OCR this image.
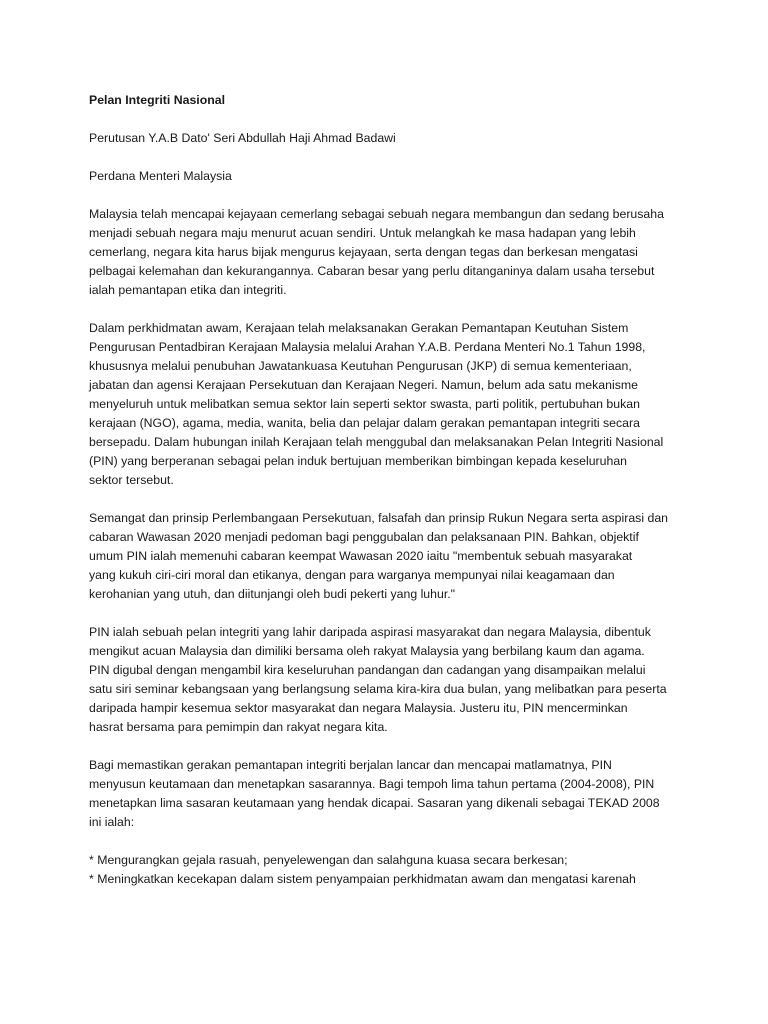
Pelan Integriti Nasional

Perutusan Y.A.B Dato' Seri Abdullah Haji Ahmad Badawi

Perdana Menteri Malaysia

Malaysia telah mencapai kejayaan cemerlang sebagai sebuah negara membangun dan sedang berusaha
menjadi sebuah negara maju menurut acuan sendiri. Untuk melangkah ke masa hadapan yang lebih
cemerlang, negara kita harus bijak mengurus kejayaan, serta dengan tegas dan berkesan mengatasi
pelbagai kelemahan dan kekurangannya. Cabaran besar yang perlu ditanganinya dalam usaha tersebut
ialah pemantapan etika dan integriti.

Dalam perkhidmatan awam, Kerajaan telah melaksanakan Gerakan Pemantapan Keutuhan Sistem
Pengurusan Pentadbiran Kerajaan Malaysia melalui Arahan Y.A.B. Perdana Menteri No.1 Tahun 1998,
khususnya melalui penubuhan Jawatankuasa Keutuhan Pengurusan (JKP) di semua kementeriaan,
jabatan dan agensi Kerajaan Persekutuan dan Kerajaan Negeri. Namun, belum ada satu mekanisme
menyeluruh untuk melibatkan semua sektor lain seperti sektor swasta, parti politik, pertubuhan bukan
kerajaan (NGO), agama, media, wanita, belia dan pelajar dalam gerakan pemantapan integriti secara
bersepadu. Dalam hubungan inilah Kerajaan telah menggubal dan melaksanakan Pelan Integriti Nasional
(PIN) yang berperanan sebagai pelan induk bertujuan memberikan bimbingan kepada keseluruhan
sektor tersebut.

Semangat dan prinsip Perlembangaan Persekutuan, falsafah dan prinsip Rukun Negara serta aspirasi dan
cabaran Wawasan 2020 menjadi pedoman bagi penggubalan dan pelaksanaan PIN. Bahkan, objektif
umum PIN ialah memenuhi cabaran keempat Wawasan 2020 iaitu "membentuk sebuah masyarakat
yang kukuh ciri-ciri moral dan etikanya, dengan para warganya mempunyai nilai keagamaan dan
kerohanian yang utuh, dan diitunjangi oleh budi pekerti yang luhur."

PIN ialah sebuah pelan integriti yang lahir daripada aspirasi masyarakat dan negara Malaysia, dibentuk
mengikut acuan Malaysia dan dimiliki bersama oleh rakyat Malaysia yang berbilang kaum dan agama.
PIN digubal dengan mengambil kira keseluruhan pandangan dan cadangan yang disampaikan melalui
satu siri seminar kebangsaan yang berlangsung selama kira-kira dua bulan, yang melibatkan para peserta
daripada hampir kesemua sektor masyarakat dan negara Malaysia. Justeru itu, PIN mencerminkan
hasrat bersama para pemimpin dan rakyat negara kita.

Bagi memastikan gerakan pemantapan integriti berjalan lancar dan mencapai matlamatnya, PIN
menyusun keutamaan dan menetapkan sasarannya. Bagi tempoh lima tahun pertama (2004-2008), PIN
menetapkan lima sasaran keutamaan yang hendak dicapai. Sasaran yang dikenali sebagai TEKAD 2008
ini ialah:

* Mengurangkan gejala rasuah, penyelewengan dan salahguna kuasa secara berkesan;
* Meningkatkan kecekapan dalam sistem penyampaian perkhidmatan awam dan mengatasi karenah
